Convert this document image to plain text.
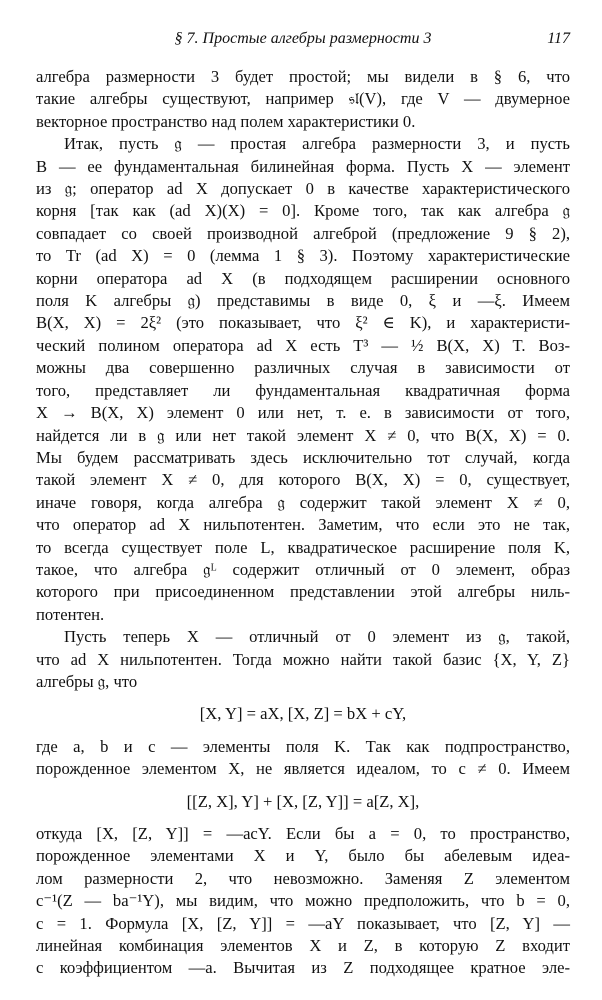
§ 7. Простые алгебры размерности 3	117

алгебра размерности 3 будет простой; мы видели в § 6, что
такие алгебры существуют, например 𝔰𝔩(V), где V — двумерное
векторное пространство над полем характеристики 0.

Итак, пусть 𝔤 — простая алгебра размерности 3, и пусть
B — ее фундаментальная билинейная форма. Пусть X — элемент
из 𝔤; оператор ad X допускает 0 в качестве характеристического
корня [так как (ad X)(X) = 0]. Кроме того, так как алгебра 𝔤
совпадает со своей производной алгеброй (предложение 9 § 2),
то Tr (ad X) = 0 (лемма 1 § 3). Поэтому характеристические
корни оператора ad X (в подходящем расширении основного
поля K алгебры 𝔤) представимы в виде 0, ξ и —ξ. Имеем
B(X, X) = 2ξ² (это показывает, что ξ² ∈ K), и характеристи-
ческий полином оператора ad X есть T³ — ½ B(X, X) T. Воз-
можны два совершенно различных случая в зависимости от
того, представляет ли фундаментальная квадратичная форма
X → B(X, X) элемент 0 или нет, т. е. в зависимости от того,
найдется ли в 𝔤 или нет такой элемент X ≠ 0, что B(X, X) = 0.
Мы будем рассматривать здесь исключительно тот случай, когда
такой элемент X ≠ 0, для которого B(X, X) = 0, существует,
иначе говоря, когда алгебра 𝔤 содержит такой элемент X ≠ 0,
что оператор ad X нильпотентен. Заметим, что если это не так,
то всегда существует поле L, квадратическое расширение поля K,
такое, что алгебра 𝔤ᴸ содержит отличный от 0 элемент, образ
которого при присоединенном представлении этой алгебры ниль-
потентен.

Пусть теперь X — отличный от 0 элемент из 𝔤, такой,
что ad X нильпотентен. Тогда можно найти такой базис {X, Y, Z}
алгебры 𝔤, что
[X, Y] = aX, [X, Z] = bX + cY,
где a, b и c — элементы поля K. Так как подпространство,
порожденное элементом X, не является идеалом, то c ≠ 0. Имеем
[[Z, X], Y] + [X, [Z, Y]] = a[Z, X],
откуда [X, [Z, Y]] = —acY. Если бы a = 0, то пространство,
порожденное элементами X и Y, было бы абелевым идеа-
лом размерности 2, что невозможно. Заменяя Z элементом
c⁻¹(Z — ba⁻¹Y), мы видим, что можно предположить, что b = 0,
c = 1. Формула [X, [Z, Y]] = —aY показывает, что [Z, Y] —
линейная комбинация элементов X и Z, в которую Z входит
с коэффициентом —a. Вычитая из Z подходящее кратное эле-
